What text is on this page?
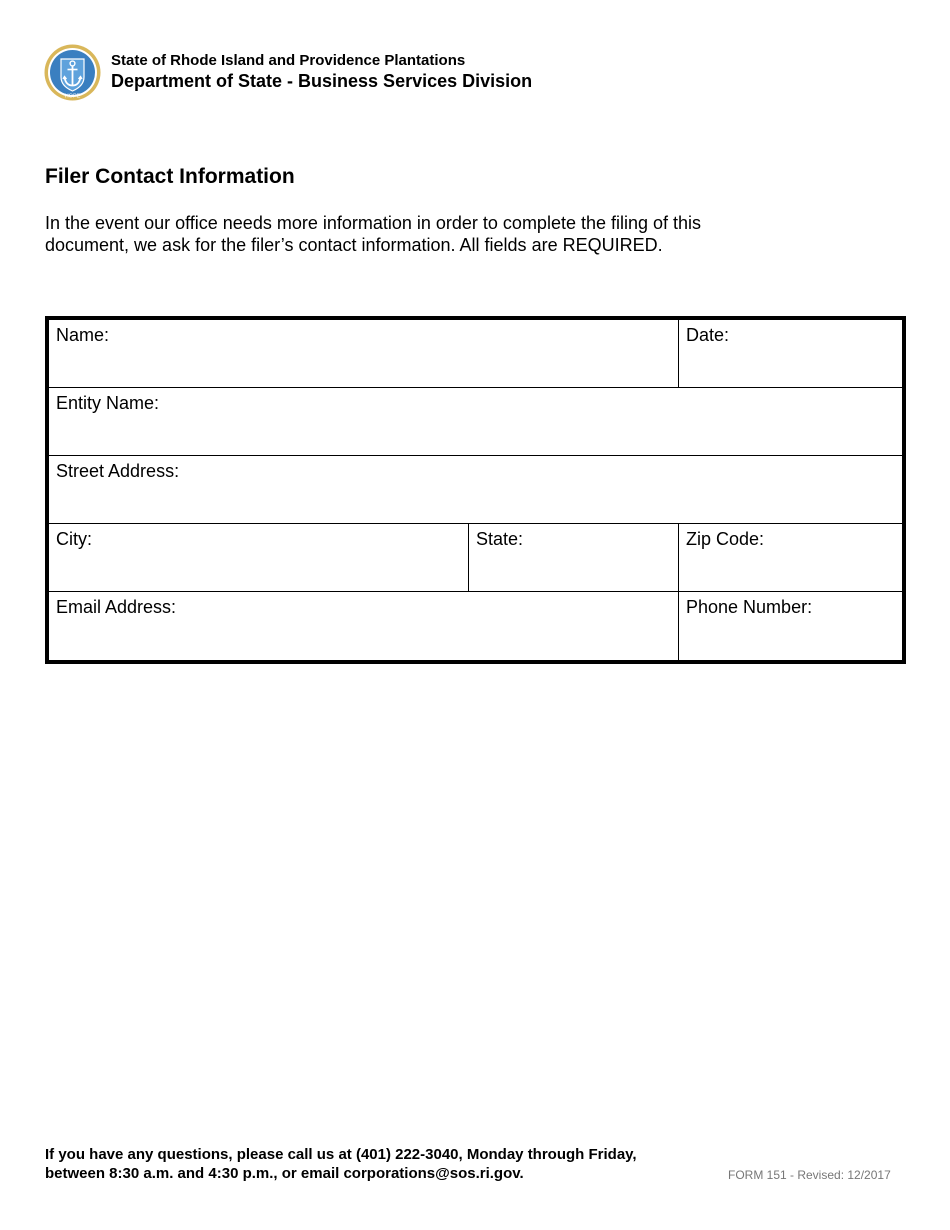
HOPE
State of Rhode Island and Providence Plantations
Department of State - Business Services Division
Filer Contact Information
In the event our office needs more information in order to complete the filing of this
document, we ask for the filer’s contact information. All fields are REQUIRED.
Name:	Date:
Entity Name:
Street Address:
City:	State:	Zip Code:
Email Address:	Phone Number:
If you have any questions, please call us at (401) 222-3040, Monday through Friday,
between 8:30 a.m. and 4:30 p.m., or email corporations@sos.ri.gov.	FORM 151 - Revised: 12/2017
